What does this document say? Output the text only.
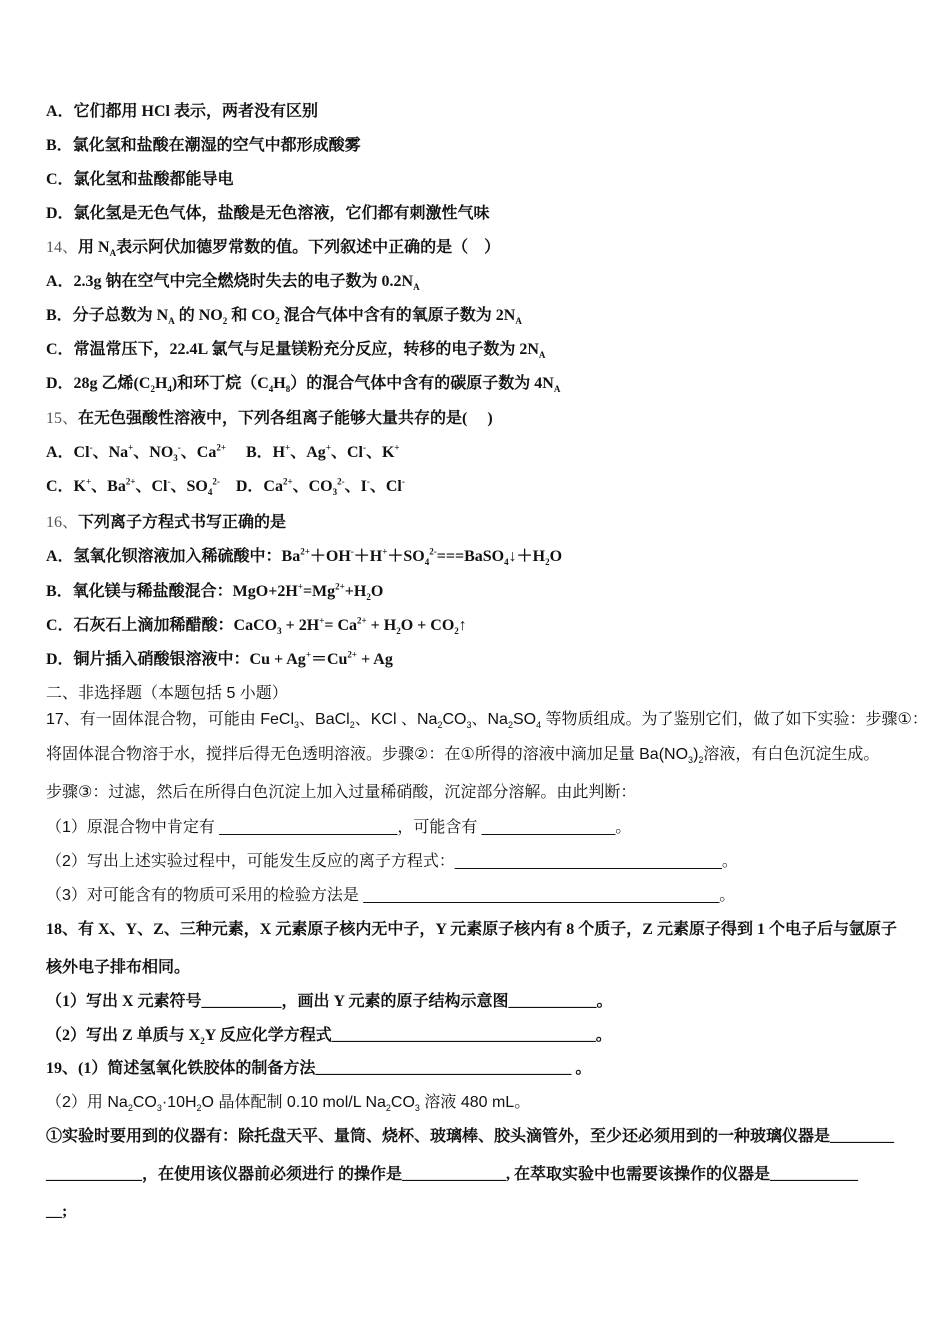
A．它们都用 HCl 表示，两者没有区别
B．氯化氢和盐酸在潮湿的空气中都形成酸雾
C．氯化氢和盐酸都能导电
D．氯化氢是无色气体，盐酸是无色溶液，它们都有刺激性气味
14、用 $N_A$表示阿伏加德罗常数的值。下列叙述中正确的是（　）
A．2.3g 钠在空气中完全燃烧时失去的电子数为 $0.2N_A$
B．分子总数为 $N_A$ 的 $NO_2$ 和 $CO_2$ 混合气体中含有的氧原子数为 $2N_A$
C．常温常压下，22.4L 氯气与足量镁粉充分反应，转移的电子数为 $2N_A$
D．28g 乙烯$(C_2H_4)$和环丁烷$(C_4H_8)$的混合气体中含有的碳原子数为 $4N_A$
15、在无色强酸性溶液中，下列各组离子能够大量共存的是(　 )
A．Cl-、Na+、$NO_3^-$、$Ca^{2+}$　 B．H+、Ag+、Cl-、K+
C．K+、$Ba^{2+}$、Cl-、$SO_4^{2-}$　D．$Ca^{2+}$、$CO_3^{2-}$、I-、Cl-
16、下列离子方程式书写正确的是
A．氢氧化钡溶液加入稀硫酸中：$Ba^{2+}+OH^-+H^++SO_4^{2-}===BaSO_4↓+H_2O$
B．氧化镁与稀盐酸混合：$MgO+2H^+=Mg^{2+}+H_2O$
C．石灰石上滴加稀醋酸：CaCO$_3$ + $2H^+= Ca^{2+} + H_2O$ + $CO_2↑$
D．铜片插入硝酸银溶液中：$Cu + Ag^+=Cu^{2+} + Ag$
二、非选择题（本题包括 5 小题）
17、有一固体混合物，可能由 FeCl$_3$、BaCl$_2$、KCl 、$Na_2CO_3$、$Na_2SO_4$ 等物质组成。为了鉴别它们，做了如下实验：步骤①：
将固体混合物溶于水，搅拌后得无色透明溶液。步骤②：在①所得的溶液中滴加足量 $Ba(NO_3)_2$溶液，有白色沉淀生成。
步骤③：过滤，然后在所得白色沉淀上加入过量稀硝酸，沉淀部分溶解。由此判断：
（1）原混合物中肯定有 ____________________，可能含有 _______________。
（2）写出上述实验过程中，可能发生反应的离子方程式：______________________________。
（3）对可能含有的物质可采用的检验方法是 ________________________________________。
18、有 X、Y、Z、三种元素，X 元素原子核内无中子，Y 元素原子核内有 8 个质子，Z 元素原子得到 1 个电子后与氩原子
核外电子排布相同。
（1）写出 X 元素符号__________，画出 Y 元素的原子结构示意图___________。
（2）写出 Z 单质与 $X_2Y$ 反应化学方程式_________________________________。
19、(1）简述氢氧化铁胶体的制备方法________________________________ 。
（2）用 $Na_2CO_3\cdot 10H_2O$ 晶体配制 0.10 mol/L $Na_2CO_3$ 溶液 480 mL。
①实验时要用到的仪器有：除托盘天平、量筒、烧杯、玻璃棒、胶头滴管外，至少还必须用到的一种玻璃仪器是________
____________，在使用该仪器前必须进行 的操作是_____________, 在萃取实验中也需要该操作的仪器是___________
__;
